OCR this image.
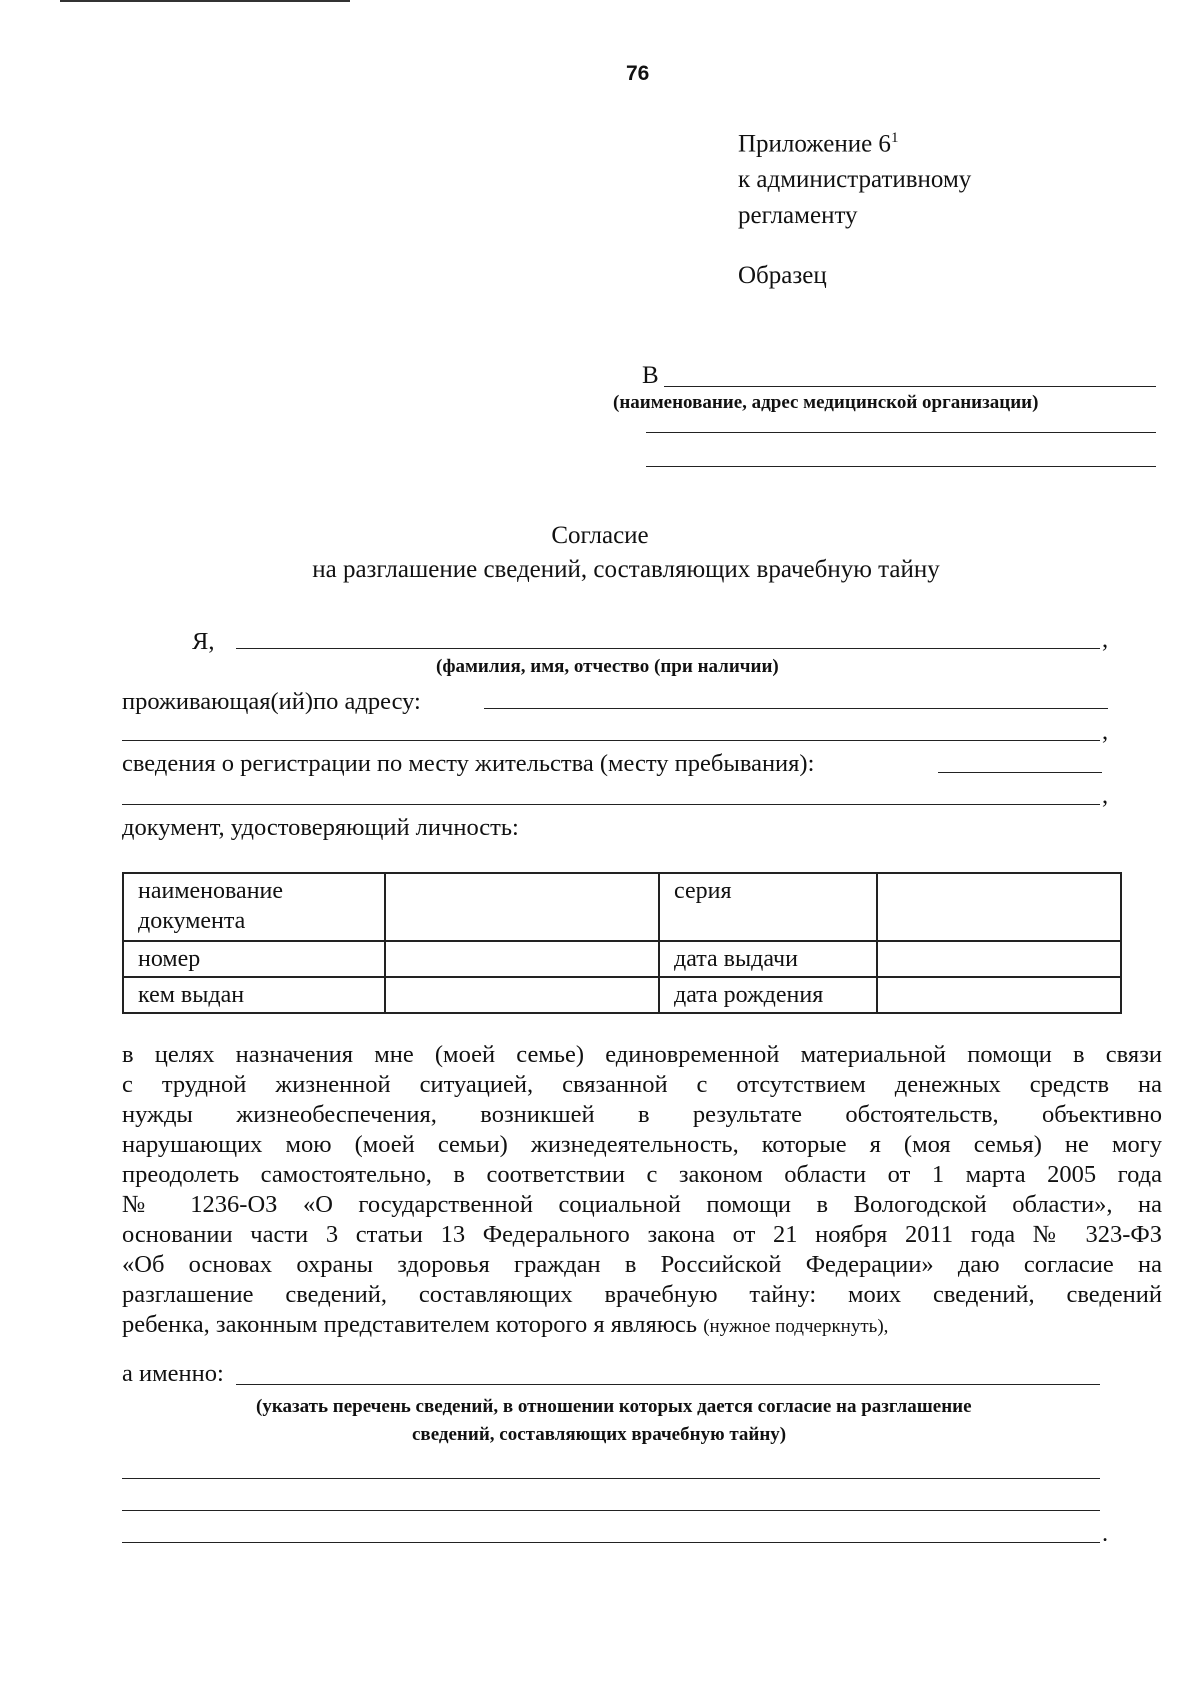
76
Приложение $6^1$
к административному
регламенту
Образец
В
(наименование, адрес медицинской организации)
Согласие
на разглашение сведений, составляющих врачебную тайну
Я,	,
(фамилия, имя, отчество (при наличии)
проживающая(ий)по адресу:
,
сведения о регистрации по месту жительства (месту пребывания):
,
документ, удостоверяющий личность:
наименование документа		серия	
номер		дата выдачи	
кем выдан		дата рождения	
в целях назначения мне (моей семье) единовременной материальной помощи в связи
с трудной жизненной ситуацией, связанной с отсутствием денежных средств на
нужды жизнеобеспечения, возникшей в результате обстоятельств, объективно
нарушающих мою (моей семьи) жизнедеятельность, которые я (моя семья) не могу
преодолеть самостоятельно, в соответствии с законом области от 1 марта 2005 года
№ 1236-ОЗ «О государственной социальной помощи в Вологодской области», на
основании части 3 статьи 13 Федерального закона от 21 ноября 2011 года № 323-ФЗ
«Об основах охраны здоровья граждан в Российской Федерации» даю согласие на
разглашение сведений, составляющих врачебную тайну: моих сведений, сведений
ребенка, законным представителем которого я являюсь (нужное подчеркнуть),
а именно:
(указать перечень сведений, в отношении которых дается согласие на разглашение
сведений, составляющих врачебную тайну)
.
